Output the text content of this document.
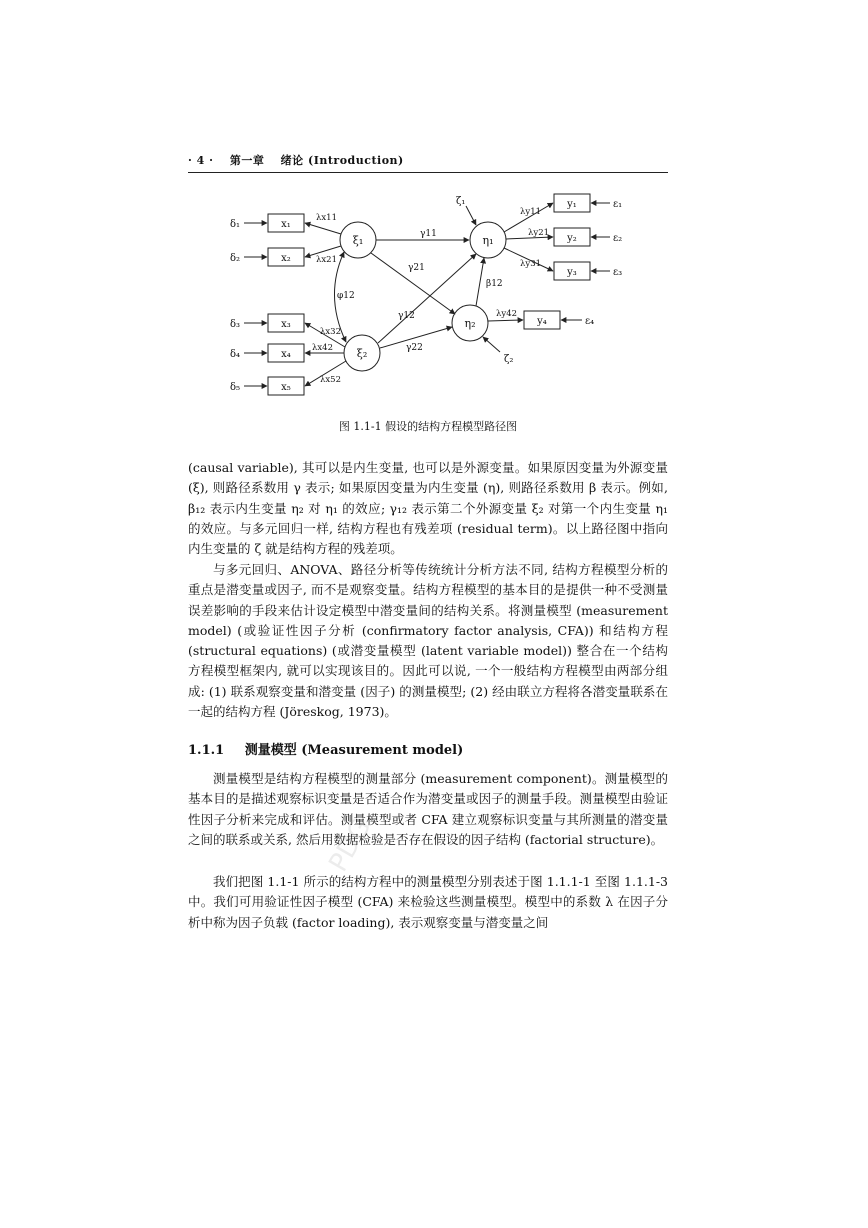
· 4 · 第一章 绪论 (Introduction)
x₁
x₂
x₃
x₄
x₅
δ₁
δ₂
δ₃
δ₄
δ₅
ξ₁
ξ₂
η₁
η₂
λx11
λx21
λx32
λx42
λx52
φ12
γ11
γ21
γ12
γ22
β12
ζ₁
ζ₂
y₁
y₂
y₃
y₄
λy11
λy21
λy31
λy42
ε₁
ε₂
ε₃
ε₄
图 1.1-1 假设的结构方程模型路径图

(causal variable), 其可以是内生变量, 也可以是外源变量。如果原因变量为外源变量 (ξ), 则路径系数用 γ 表示; 如果原因变量为内生变量 (η), 则路径系数用 β 表示。例如, β₁₂ 表示内生变量 η₂ 对 η₁ 的效应; γ₁₂ 表示第二个外源变量 ξ₂ 对第一个内生变量 η₁ 的效应。与多元回归一样, 结构方程也有残差项 (residual term)。以上路径图中指向内生变量的 ζ 就是结构方程的残差项。

与多元回归、ANOVA、路径分析等传统统计分析方法不同, 结构方程模型分析的重点是潜变量或因子, 而不是观察变量。结构方程模型的基本目的是提供一种不受测量误差影响的手段来估计设定模型中潜变量间的结构关系。将测量模型 (measurement model) (或验证性因子分析 (confirmatory factor analysis, CFA)) 和结构方程 (structural equations) (或潜变量模型 (latent variable model)) 整合在一个结构方程模型框架内, 就可以实现该目的。因此可以说, 一个一般结构方程模型由两部分组成: (1) 联系观察变量和潜变量 (因子) 的测量模型; (2) 经由联立方程将各潜变量联系在一起的结构方程 (Jöreskog, 1973)。

1.1.1 测量模型 (Measurement model)

测量模型是结构方程模型的测量部分 (measurement component)。测量模型的基本目的是描述观察标识变量是否适合作为潜变量或因子的测量手段。测量模型由验证性因子分析来完成和评估。测量模型或者 CFA 建立观察标识变量与其所测量的潜变量之间的联系或关系, 然后用数据检验是否存在假设的因子结构 (factorial structure)。

我们把图 1.1-1 所示的结构方程中的测量模型分别表述于图 1.1.1-1 至图 1.1.1-3 中。我们可用验证性因子模型 (CFA) 来检验这些测量模型。模型中的系数 λ 在因子分析中称为因子负载 (factor loading), 表示观察变量与潜变量之间

PDG
